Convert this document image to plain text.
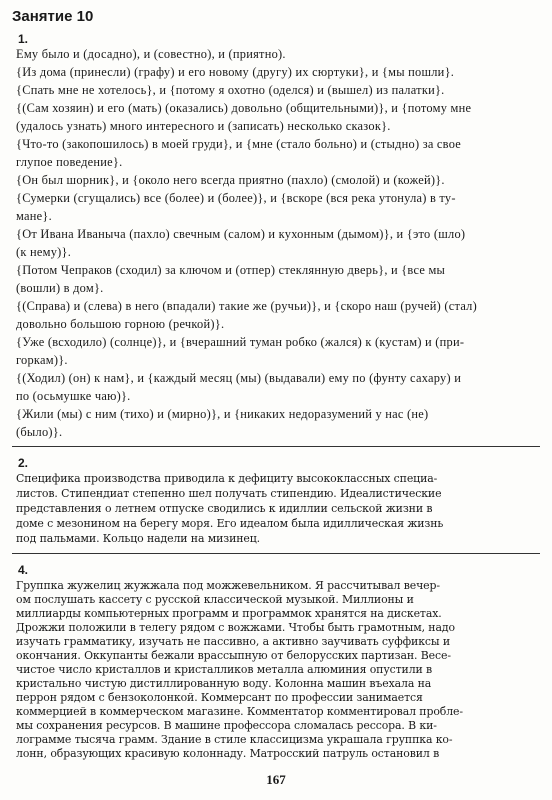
Занятие 10
1.
Ему было и (досадно), и (совестно), и (приятно).
{Из дома (принесли) (графу) и его новому (другу) их сюртуки}, и {мы пошли}.
{Спать мне не хотелось}, и {потому я охотно (оделся) и (вышел) из палатки}.
{(Сам хозяин) и его (мать) (оказались) довольно (общительными)}, и {потому мне
(удалось узнать) много интересного и (записать) несколько сказок}.
{Что-то (закопошилось) в моей груди}, и {мне (стало больно) и (стыдно) за свое
глупое поведение}.
{Он был шорник}, и {около него всегда приятно (пахло) (смолой) и (кожей)}.
{Сумерки (сгущались) все (более) и (более)}, и {вскоре (вся река утонула) в ту-
мане}.
{От Ивана Иваныча (пахло) свечным (салом) и кухонным (дымом)}, и {это (шло)
(к нему)}.
{Потом Чепраков (сходил) за ключом и (отпер) стеклянную дверь}, и {все мы
(вошли) в дом}.
{(Справа) и (слева) в него (впадали) такие же (ручьи)}, и {скоро наш (ручей) (стал)
довольно большою горною (речкой)}.
{Уже (всходило) (солнце)}, и {вчерашний туман робко (жался) к (кустам) и (при-
горкам)}.
{(Ходил) (он) к нам}, и {каждый месяц (мы) (выдавали) ему по (фунту сахару) и
по (осьмушке чаю)}.
{Жили (мы) с ним (тихо) и (мирно)}, и {никаких недоразумений у нас (не)
(было)}.
2.
Специфика производства приводила к дефициту высококлассных специа-
листов. Стипендиат степенно шел получать стипендию. Идеалистические
представления о летнем отпуске сводились к идиллии сельской жизни в
доме с мезонином на берегу моря. Его идеалом была идиллическая жизнь
под пальмами. Кольцо надели на мизинец.
4.
Группка жужелиц жужжала под можжевельником. Я рассчитывал вечер-
ом послушать кассету с русской классической музыкой. Миллионы и
миллиарды компьютерных программ и программок хранятся на дискетах.
Дрожжи положили в телегу рядом с вожжами. Чтобы быть грамотным, надо
изучать грамматику, изучать не пассивно, а активно заучивать суффиксы и
окончания. Оккупанты бежали врассыпную от белорусских партизан. Весе-
чистое число кристаллов и кристалликов металла алюминия опустили в
кристально чистую дистиллированную воду. Колонна машин въехала на
перрон рядом с бензоколонкой. Коммерсант по профессии занимается
коммерцией в коммерческом магазине. Комментатор комментировал пробле-
мы сохранения ресурсов. В машине профессора сломалась рессора. В ки-
лограмме тысяча грамм. Здание в стиле классицизма украшала группка ко-
лонн, образующих красивую колоннаду. Матросский патруль остановил в
167
